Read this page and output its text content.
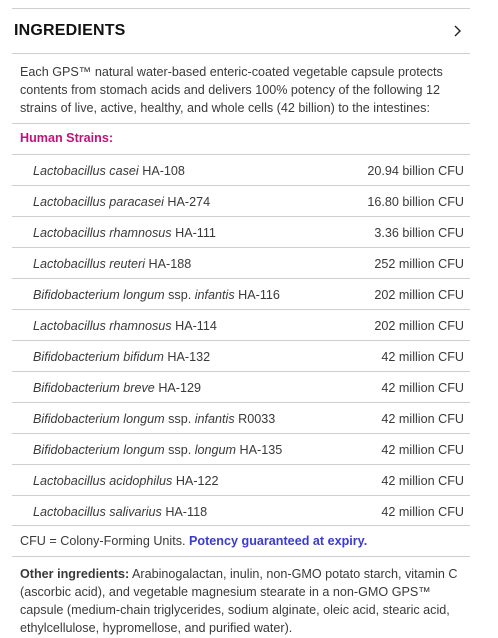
INGREDIENTS
Each GPS™ natural water-based enteric-coated vegetable capsule protects contents from stomach acids and delivers 100% potency of the following 12 strains of live, active, healthy, and whole cells (42 billion) to the intestines:
Human Strains:
Lactobacillus casei HA-108	20.94 billion CFU
Lactobacillus paracasei HA-274	16.80 billion CFU
Lactobacillus rhamnosus HA-111	3.36 billion CFU
Lactobacillus reuteri HA-188	252 million CFU
Bifidobacterium longum ssp. infantis HA-116	202 million CFU
Lactobacillus rhamnosus HA-114	202 million CFU
Bifidobacterium bifidum HA-132	42 million CFU
Bifidobacterium breve HA-129	42 million CFU
Bifidobacterium longum ssp. infantis R0033	42 million CFU
Bifidobacterium longum ssp. longum HA-135	42 million CFU
Lactobacillus acidophilus HA-122	42 million CFU
Lactobacillus salivarius HA-118	42 million CFU
CFU = Colony-Forming Units. Potency guaranteed at expiry.
Other ingredients: Arabinogalactan, inulin, non-GMO potato starch, vitamin C (ascorbic acid), and vegetable magnesium stearate in a non-GMO GPS™ capsule (medium-chain triglycerides, sodium alginate, oleic acid, stearic acid, ethylcellulose, hypromellose, and purified water).
